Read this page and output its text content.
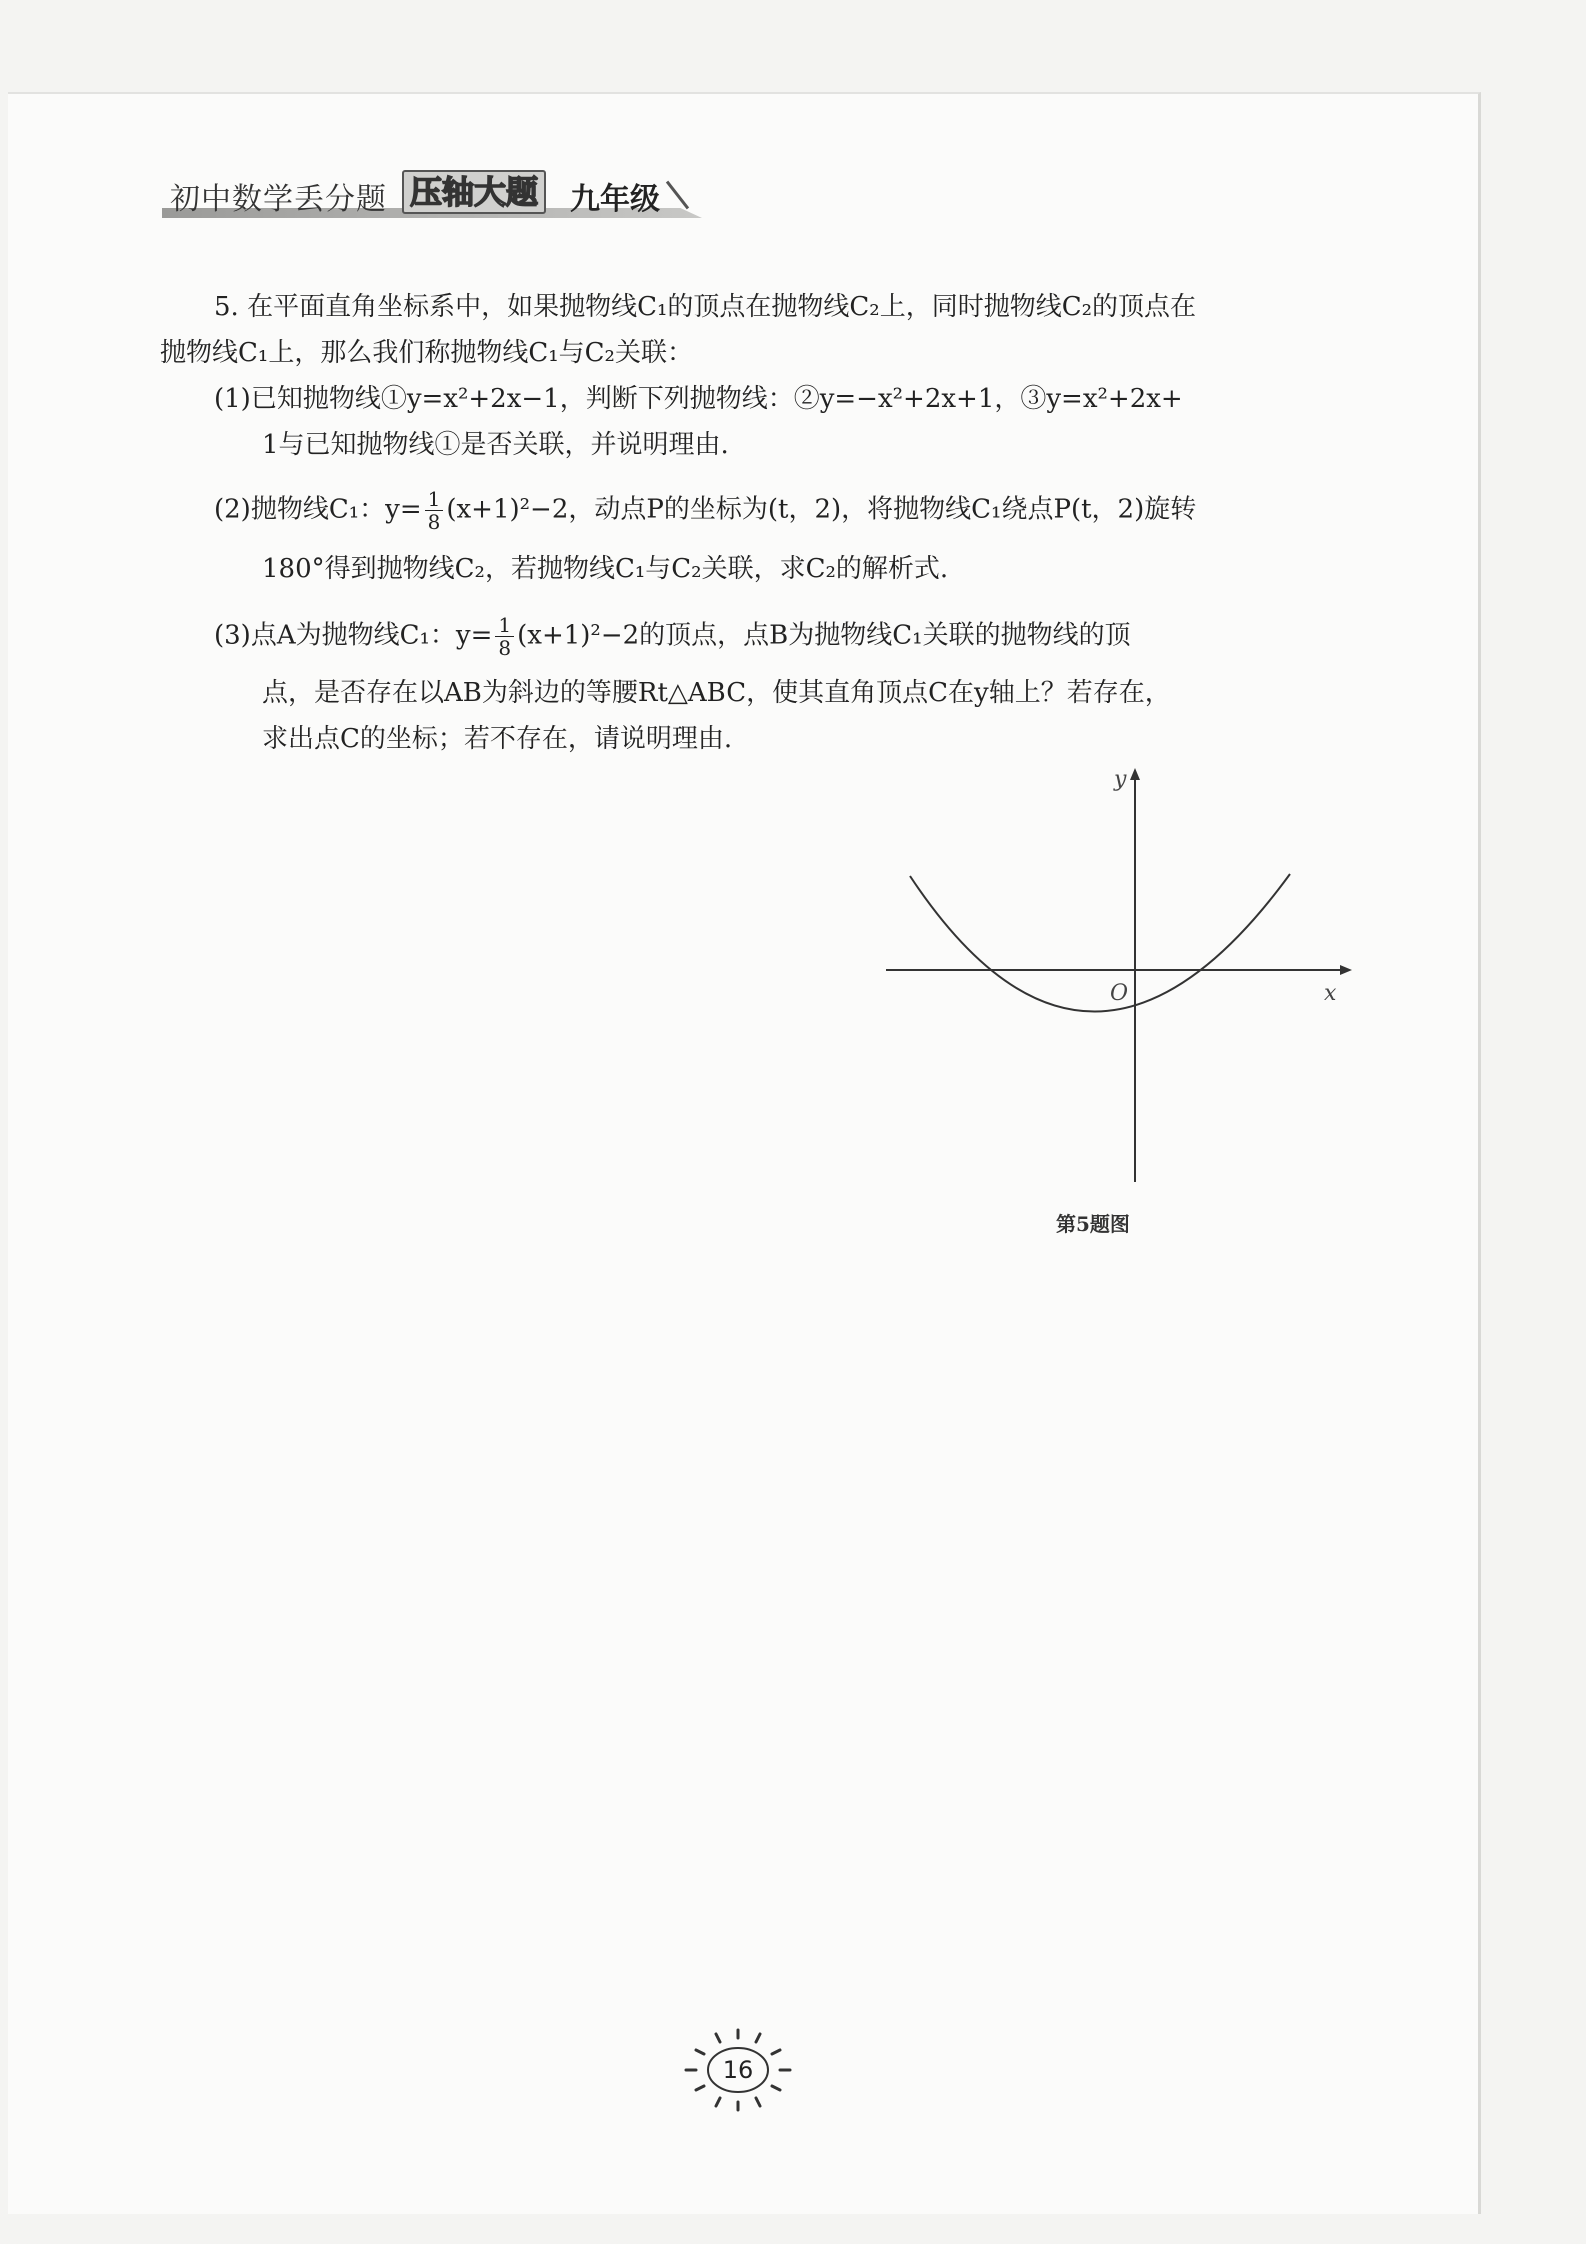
初中数学丢分题 压轴大题 九年级
5. 在平面直角坐标系中，如果抛物线C₁的顶点在抛物线C₂上，同时抛物线C₂的顶点在
抛物线C₁上，那么我们称抛物线C₁与C₂关联：
(1)已知抛物线①y=x²+2x−1，判断下列抛物线：②y=−x²+2x+1，③y=x²+2x+
1与已知抛物线①是否关联，并说明理由.
(2)抛物线C₁：$y= \frac{1}{8} (x+1)^2-2$，动点P的坐标为(t，2)，将抛物线C₁绕点P(t，2)旋转
180°得到抛物线C₂，若抛物线C₁与C₂关联，求C₂的解析式.
(3)点A为抛物线C₁：$y= \frac{1}{8} (x+1)^2-2$的顶点，点B为抛物线C₁关联的抛物线的顶
点，是否存在以AB为斜边的等腰Rt△ABC，使其直角顶点C在y轴上？若存在，
求出点C的坐标；若不存在，请说明理由.
y
x
O
第5题图
16
